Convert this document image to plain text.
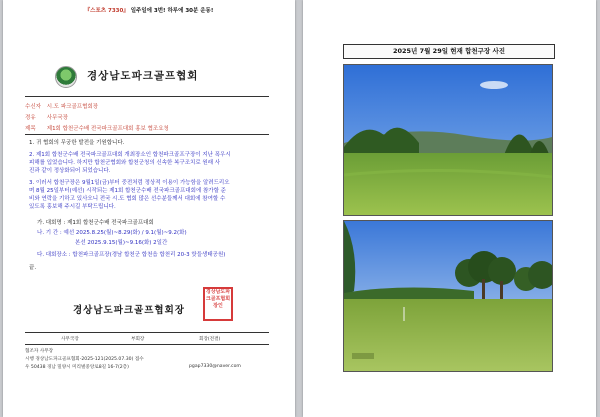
『스포츠 7330』 일주일에 3번! 하루에 30분 운동!
경상남도파크골프협회
수신자 시.도 파크골프협회장
경유 사무국장
제목 제1회 합천군수배 전국파크골프대회 홍보 협조요청
1. 귀 협회의 무궁한 발전을 기원합니다.
2. 제1회 합천군수배 전국파크골프대회 개최장소인 합천파크골프구장이 지난 폭우시
피해를 입었습니다. 하지만 합천군협회와 합천군청의 신속한 복구조치로 원래 사
진과 같이 정상화되어 되었습니다.
3. 이러서 합천구장은 9월1일(금)부터 중전처럼 정상적 이용이 가능함을 알려드리오
며 8월 25일부터(예선) 시작되는 제1회 합천군수배 전국파크골프대회에 참가할 준
비와 연락을 기하고 있사오니 전국 시.도 협회 많은 선수분들께서 대회에 참여할 수
있도록 홍보해 주시길 부탁드립니다.
가. 대회명 : 제1회 합천군수배 전국파크골프대회
나. 기 간 : 예선 2025.8.25(월)~8.29(화) / 9.1(월)~9.2(화)
본선 2025.9.15(월)~9.16(화) 2일간
다. 대회장소 : 합천파크골프장(경남 합천군 합천읍 합천리 20-3 핫들생태공원)
끝.
경상남도파크골프협회장
경상남도파크골프협회장인
사무국장	부회장	회장(전결)
협조자 사무장
시행 경상남도파크골프협회-2025-121(2025.07.30) 접수
우 50438 경남 밀양시 미리벌중앙로8길 16-7(2층)	pgap7330@naver.com
2025년 7월 29일 현재 합천구장 사진
